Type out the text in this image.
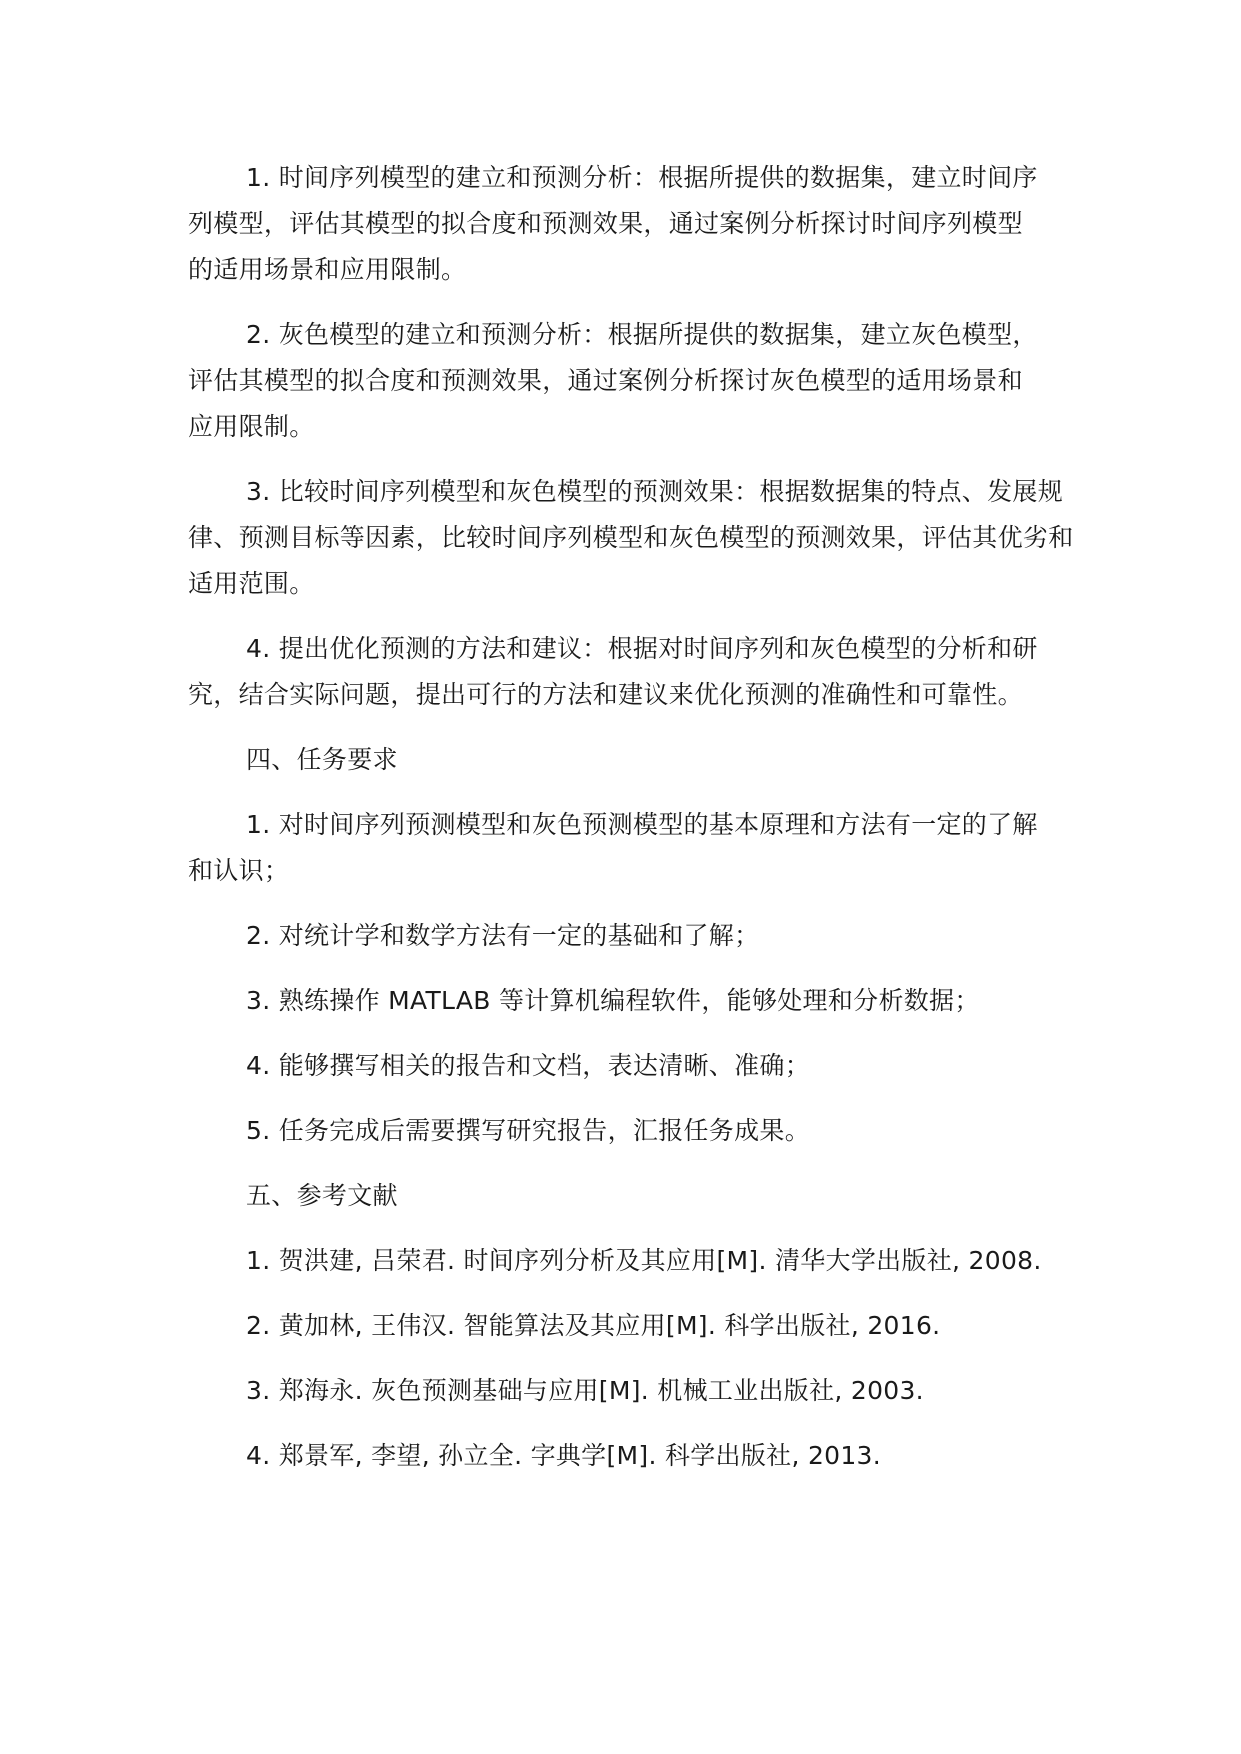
1. 时间序列模型的建立和预测分析：根据所提供的数据集，建立时间序列模型，评估其模型的拟合度和预测效果，通过案例分析探讨时间序列模型的适用场景和应用限制。

2. 灰色模型的建立和预测分析：根据所提供的数据集，建立灰色模型，评估其模型的拟合度和预测效果，通过案例分析探讨灰色模型的适用场景和应用限制。

3. 比较时间序列模型和灰色模型的预测效果：根据数据集的特点、发展规律、预测目标等因素，比较时间序列模型和灰色模型的预测效果，评估其优劣和适用范围。

4. 提出优化预测的方法和建议：根据对时间序列和灰色模型的分析和研究，结合实际问题，提出可行的方法和建议来优化预测的准确性和可靠性。

四、任务要求

1. 对时间序列预测模型和灰色预测模型的基本原理和方法有一定的了解和认识；

2. 对统计学和数学方法有一定的基础和了解；

3. 熟练操作 MATLAB 等计算机编程软件，能够处理和分析数据；

4. 能够撰写相关的报告和文档，表达清晰、准确；

5. 任务完成后需要撰写研究报告，汇报任务成果。

五、参考文献

1. 贺洪建, 吕荣君. 时间序列分析及其应用[M]. 清华大学出版社, 2008.

2. 黄加林, 王伟汉. 智能算法及其应用[M]. 科学出版社, 2016.

3. 郑海永. 灰色预测基础与应用[M]. 机械工业出版社, 2003.

4. 郑景军, 李望, 孙立全. 字典学[M]. 科学出版社, 2013.
